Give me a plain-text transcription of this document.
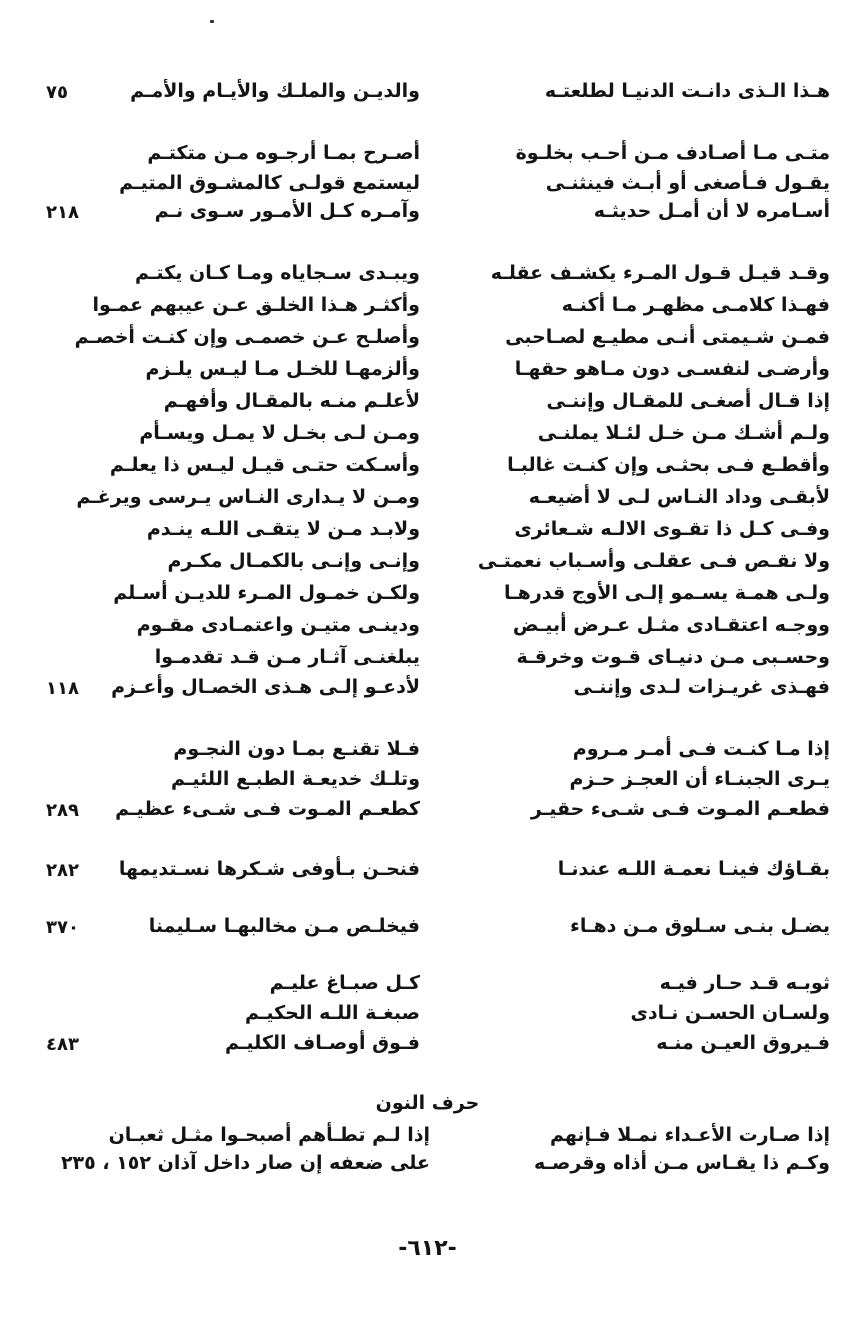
هـذا الـذى دانـت الدنيـا لطلعتـه
والديـن والملـك والأيـام والأمـم
٧٥
متـى مـا أصـادف مـن أحـب بخلـوة
أصـرح بمـا أرجـوه مـن متكتـم
يقـول فـأصغى أو أبـث فينثنـى
ليستمع قولـى كالمشـوق المتيـم
أسـامره لا أن أمـل حديثـه
وآمـره كـل الأمـور سـوى نـم
٢١٨
وقـد قيـل قـول المـرء يكشـف عقلـه
ويبـدى سـجاياه ومـا كـان يكتـم
فهـذا كلامـى مظهـر مـا أكنـه
وأكثـر هـذا الخلـق عـن عيبهم عمـوا
فمـن شـيمتى أنـى مطيـع لصـاحبى
وأصلـح عـن خصمـى وإن كنـت أخصـم
وأرضـى لنفسـى دون مـاهو حقهـا
وألزمهـا للخـل مـا ليـس يلـزم
إذا قـال أصغـى للمقـال وإننـى
لأعلـم منـه بالمقـال وأفهـم
ولـم أشـك مـن خـل لئـلا يملنـى
ومـن لـى بخـل لا يمـل ويسـأم
وأقطـع فـى بحثـى وإن كنـت غالبـا
وأسـكت حتـى قيـل ليـس ذا يعلـم
لأبقـى وداد النـاس لـى لا أضيعـه
ومـن لا يـدارى النـاس يـرسى ويرغـم
وفـى كـل ذا تقـوى الالـه شـعائرى
ولابـد مـن لا يتقـى اللـه ينـدم
ولا نقـص فـى عقلـى وأسـباب نعمتـى
وإنـى وإنـى بالكمـال مكـرم
ولـى همـة يسـمو إلـى الأوج قدرهـا
ولكـن خمـول المـرء للديـن أسـلم
ووجـه اعتقـادى مثـل عـرض أبيـض
ودينـى متيـن واعتمـادى مقـوم
وحسـبى مـن دنيـاى قـوت وخرقـة
يبلغنـى آثـار مـن قـد تقدمـوا
فهـذى غريـزات لـدى وإننـى
لأدعـو إلـى هـذى الخصـال وأعـزم
١١٨
إذا مـا كنـت فـى أمـر مـروم
فـلا تقنـع بمـا دون النجـوم
يـرى الجبنـاء أن العجـز حـزم
وتلـك خديعـة الطبـع اللئيـم
فطعـم المـوت فـى شـىء حقيـر
كطعـم المـوت فـى شـىء عظيـم
٢٨٩
بقـاؤك فينـا نعمـة اللـه عندنـا
فنحـن بـأوفى شـكرها نسـتديمها
٢٨٢
يضـل بنـى سـلوق مـن دهـاء
فيخلـص مـن مخالبهـا سـليمنا
٣٧٠
ثوبـه قـد حـار فيـه
كـل صبـاغ عليـم
ولسـان الحسـن نـادى
صبغـة اللـه الحكيـم
فـيروق العيـن منـه
فـوق أوصـاف الكليـم
٤٨٣
حرف النون
إذا صـارت الأعـداء نمـلا فـإنهم
إذا لـم تطـأهم أصبحـوا مثـل ثعبـان
وكـم ذا يقـاس مـن أذاه وقرصـه
على ضعفه إن صار داخل آذان ١٥٢ ، ٢٣٥
-٦١٢-
